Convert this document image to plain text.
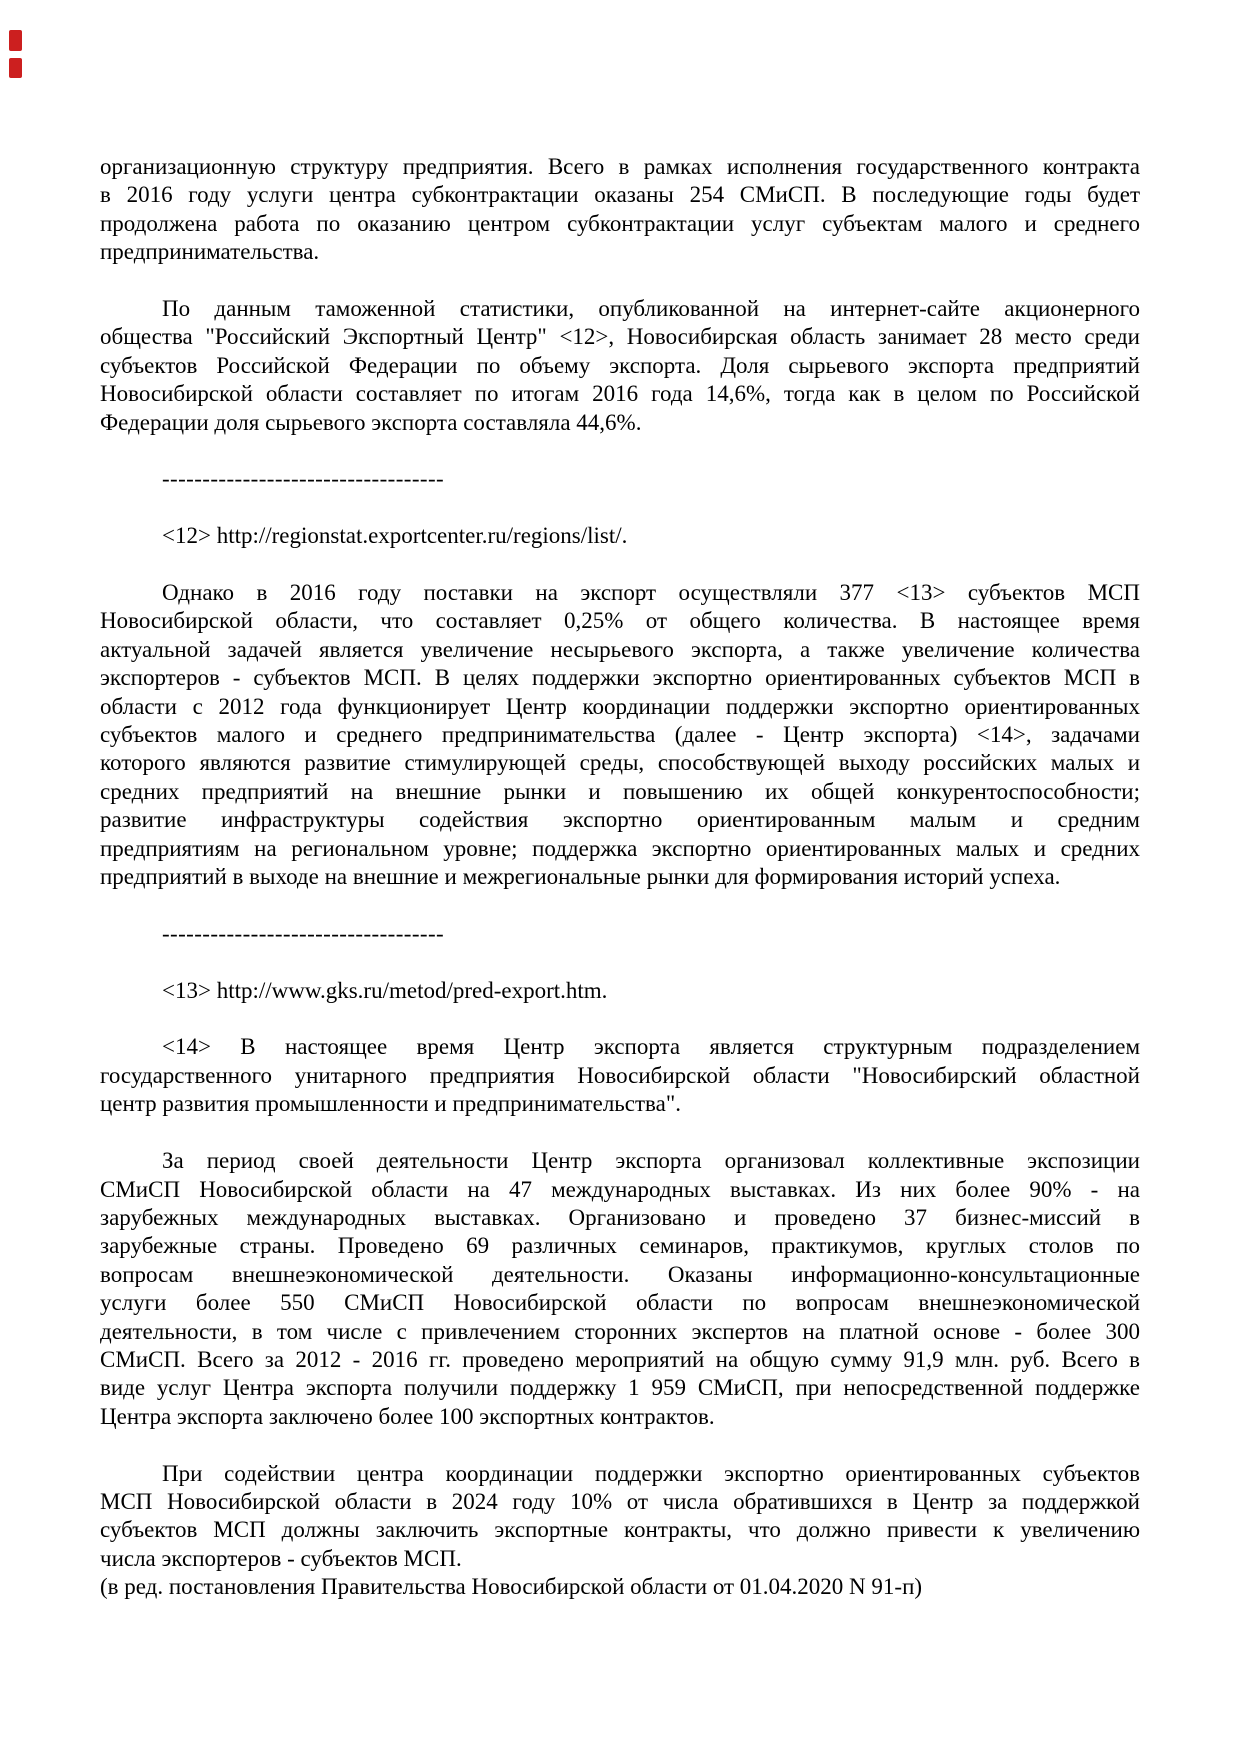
организационную структуру предприятия. Всего в рамках исполнения государственного контракта
в 2016 году услуги центра субконтрактации оказаны 254 СМиСП. В последующие годы будет
продолжена работа по оказанию центром субконтрактации услуг субъектам малого и среднего
предпринимательства.
По данным таможенной статистики, опубликованной на интернет-сайте акционерного
общества "Российский Экспортный Центр" <12>, Новосибирская область занимает 28 место среди
субъектов Российской Федерации по объему экспорта. Доля сырьевого экспорта предприятий
Новосибирской области составляет по итогам 2016 года 14,6%, тогда как в целом по Российской
Федерации доля сырьевого экспорта составляла 44,6%.
-----------------------------------
<12> http://regionstat.exportcenter.ru/regions/list/.
Однако в 2016 году поставки на экспорт осуществляли 377 <13> субъектов МСП
Новосибирской области, что составляет 0,25% от общего количества. В настоящее время
актуальной задачей является увеличение несырьевого экспорта, а также увеличение количества
экспортеров - субъектов МСП. В целях поддержки экспортно ориентированных субъектов МСП в
области с 2012 года функционирует Центр координации поддержки экспортно ориентированных
субъектов малого и среднего предпринимательства (далее - Центр экспорта) <14>, задачами
которого являются развитие стимулирующей среды, способствующей выходу российских малых и
средних предприятий на внешние рынки и повышению их общей конкурентоспособности;
развитие инфраструктуры содействия экспортно ориентированным малым и средним
предприятиям на региональном уровне; поддержка экспортно ориентированных малых и средних
предприятий в выходе на внешние и межрегиональные рынки для формирования историй успеха.
-----------------------------------
<13> http://www.gks.ru/metod/pred-export.htm.
<14> В настоящее время Центр экспорта является структурным подразделением
государственного унитарного предприятия Новосибирской области "Новосибирский областной
центр развития промышленности и предпринимательства".
За период своей деятельности Центр экспорта организовал коллективные экспозиции
СМиСП Новосибирской области на 47 международных выставках. Из них более 90% - на
зарубежных международных выставках. Организовано и проведено 37 бизнес-миссий в
зарубежные страны. Проведено 69 различных семинаров, практикумов, круглых столов по
вопросам внешнеэкономической деятельности. Оказаны информационно-консультационные
услуги более 550 СМиСП Новосибирской области по вопросам внешнеэкономической
деятельности, в том числе с привлечением сторонних экспертов на платной основе - более 300
СМиСП. Всего за 2012 - 2016 гг. проведено мероприятий на общую сумму 91,9 млн. руб. Всего в
виде услуг Центра экспорта получили поддержку 1 959 СМиСП, при непосредственной поддержке
Центра экспорта заключено более 100 экспортных контрактов.
При содействии центра координации поддержки экспортно ориентированных субъектов
МСП Новосибирской области в 2024 году 10% от числа обратившихся в Центр за поддержкой
субъектов МСП должны заключить экспортные контракты, что должно привести к увеличению
числа экспортеров - субъектов МСП.
(в ред. постановления Правительства Новосибирской области от 01.04.2020 N 91-п)
